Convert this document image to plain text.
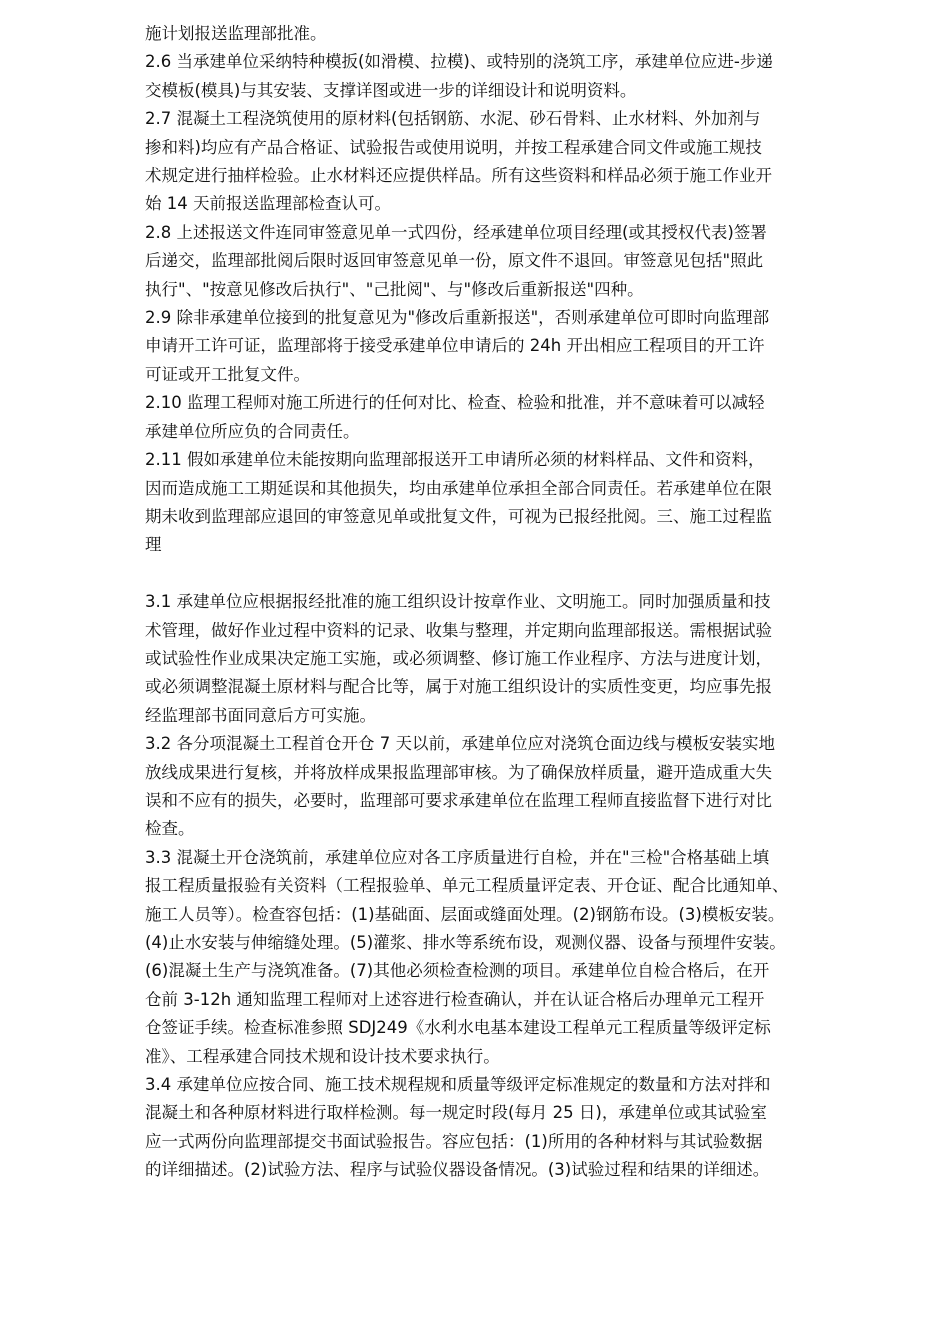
施计划报送监理部批准。

2.6 当承建单位采纳特种模扳(如滑模、拉模)、或特别的浇筑工序，承建单位应进-步递

交模板(模具)与其安装、支撑详图或进一步的详细设计和说明资料。

2.7 混凝土工程浇筑使用的原材料(包括钢筋、水泥、砂石骨料、止水材料、外加剂与

掺和料)均应有产品合格证、试验报告或使用说明，并按工程承建合同文件或施工规技

术规定进行抽样检验。止水材料还应提供样品。所有这些资料和样品必须于施工作业开

始 14 天前报送监理部检查认可。

2.8 上述报送文件连同审签意见单一式四份，经承建单位项目经理(或其授权代表)签署

后递交，监理部批阅后限时返回审签意见单一份，原文件不退回。审签意见包括"照此

执行"、"按意见修改后执行"、"己批阅"、与"修改后重新报送"四种。

2.9 除非承建单位接到的批复意见为"修改后重新报送"，否则承建单位可即时向监理部

申请开工许可证，监理部将于接受承建单位申请后的 24h 开出相应工程项目的开工许

可证或开工批复文件。

2.10 监理工程师对施工所进行的任何对比、检查、检验和批准，并不意味着可以减轻

承建单位所应负的合同责任。

2.11 假如承建单位未能按期向监理部报送开工申请所必须的材料样品、文件和资料，

因而造成施工工期延误和其他损失，均由承建单位承担全部合同责任。若承建单位在限

期未收到监理部应退回的审签意见单或批复文件，可视为已报经批阅。三、施工过程监

理

3.1 承建单位应根据报经批准的施工组织设计按章作业、文明施工。同时加强质量和技

术管理，做好作业过程中资料的记录、收集与整理，并定期向监理部报送。需根据试验

或试验性作业成果决定施工实施，或必须调整、修订施工作业程序、方法与进度计划，

或必须调整混凝土原材料与配合比等，属于对施工组织设计的实质性变更，均应事先报

经监理部书面同意后方可实施。

3.2 各分项混凝土工程首仓开仓 7 天以前，承建单位应对浇筑仓面边线与模板安装实地

放线成果进行复核，并将放样成果报监理部审核。为了确保放样质量，避开造成重大失

误和不应有的损失，必要时，监理部可要求承建单位在监理工程师直接监督下进行对比

检查。

3.3 混凝土开仓浇筑前，承建单位应对各工序质量进行自检，并在"三检"合格基础上填

报工程质量报验有关资料（工程报验单、单元工程质量评定表、开仓证、配合比通知单、

施工人员等）。检查容包括：(1)基础面、层面或缝面处理。(2)钢筋布设。(3)模板安装。

(4)止水安装与伸缩缝处理。(5)灌浆、排水等系统布设，观测仪器、设备与预埋件安装。

(6)混凝土生产与浇筑准备。(7)其他必须检查检测的项目。承建单位自检合格后，在开

仓前 3-12h 通知监理工程师对上述容进行检查确认，并在认证合格后办理单元工程开

仓签证手续。检查标准参照 SDJ249《水利水电基本建设工程单元工程质量等级评定标

准》、工程承建合同技术规和设计技术要求执行。

3.4 承建单位应按合同、施工技术规程规和质量等级评定标准规定的数量和方法对拌和

混凝土和各种原材料进行取样检测。每一规定时段(每月 25 日)，承建单位或其试验室

应一式两份向监理部提交书面试验报告。容应包括：(1)所用的各种材料与其试验数据

的详细描述。(2)试验方法、程序与试验仪器设备情况。(3)试验过程和结果的详细述。
